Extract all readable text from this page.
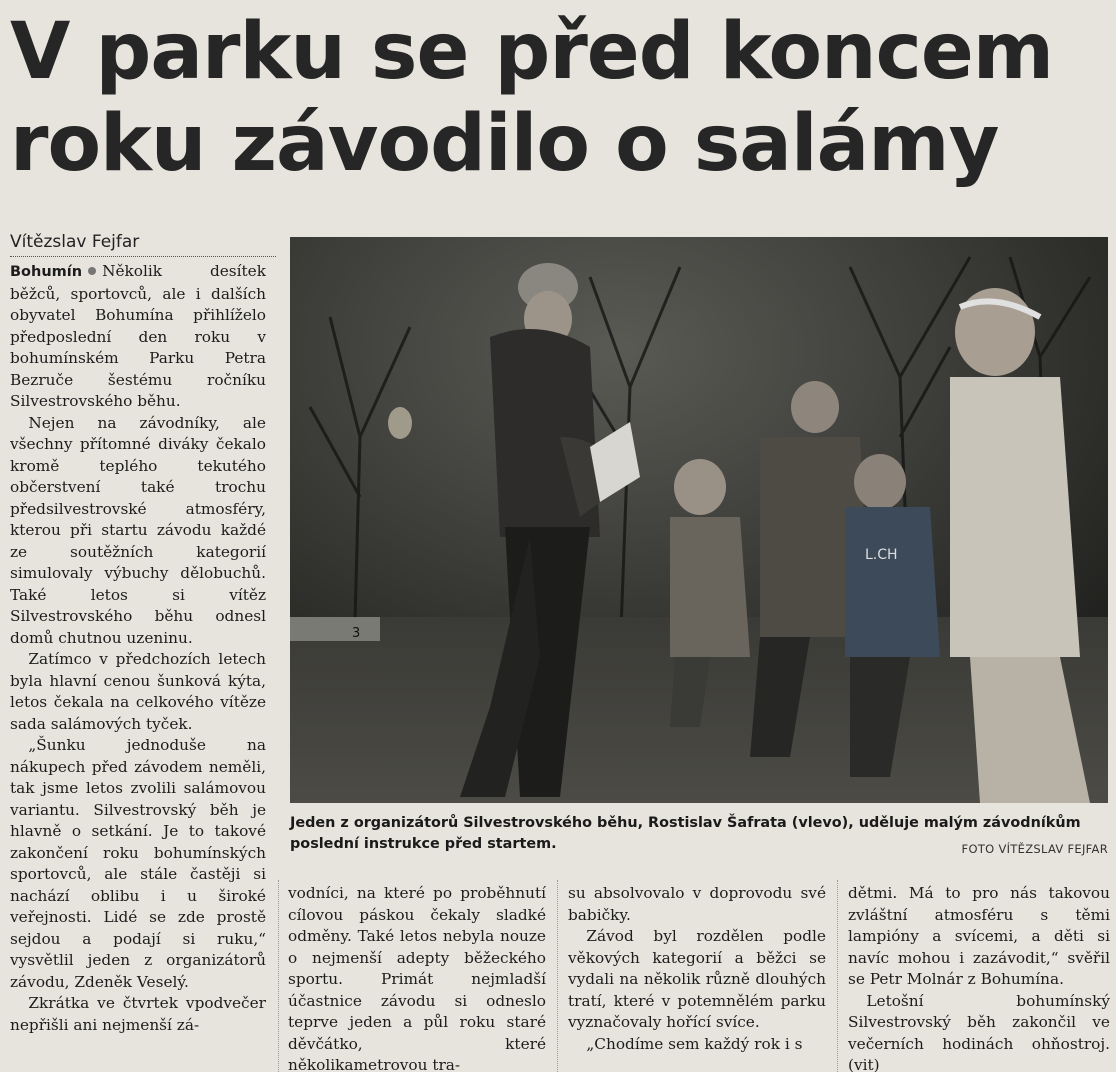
V parku se před koncem
roku závodilo o salámy
Vítězslav Fejfar

Bohumín Několik desítek běžců, sportovců, ale i dalších obyvatel Bohumína přihlíželo předposlední den roku v bohumínském Parku Petra Bezruče šestému ročníku Silvestrovského běhu.

Nejen na závodníky, ale všechny přítomné diváky čekalo kromě teplého tekutého občerstvení také trochu předsilvestrovské atmosféry, kterou při startu závodu každé ze soutěžních kategorií simulovaly výbuchy dělobuchů. Také letos si vítěz Silvestrovského běhu odnesl domů chutnou uzeninu.

Zatímco v předchozích letech byla hlavní cenou šunková kýta, letos čekala na celkového vítěze sada salámových tyček.

„Šunku jednoduše na nákupech před závodem neměli, tak jsme letos zvolili salámovou variantu. Silvestrovský běh je hlavně o setkání. Je to takové zakončení roku bohumínských sportovců, ale stále častěji si nachází oblibu i u široké veřejnosti. Lidé se zde prostě sejdou a podají si ruku,“ vysvětlil jeden z organizátorů závodu, Zdeněk Veselý.

Zkrátka ve čtvrtek vpodvečer nepřišli ani nejmenší zá-

3
L.CH
Jeden z organizátorů Silvestrovského běhu, Rostislav Šafrata (vlevo), uděluje malým závodníkům poslední instrukce před startem.	FOTO VÍTĚZSLAV FEJFAR

vodníci, na které po proběhnutí cílovou páskou čekaly sladké odměny. Také letos nebyla nouze o nejmenší adepty běžeckého sportu. Primát nejmladší účastnice závodu si odneslo teprve jeden a půl roku staré děvčátko, které několikametrovou tra-

su absolvovalo v doprovodu své babičky.

Závod byl rozdělen podle věkových kategorií a běžci se vydali na několik různě dlouhých tratí, které v potemnělém parku vyznačovaly hořící svíce.

„Chodíme sem každý rok i s

dětmi. Má to pro nás takovou zvláštní atmosféru s těmi lampióny a svícemi, a děti si navíc mohou i zazávodit,“ svěřil se Petr Molnár z Bohumína.

Letošní bohumínský Silvestrovský běh zakončil ve večerních hodinách ohňostroj. (vit)
